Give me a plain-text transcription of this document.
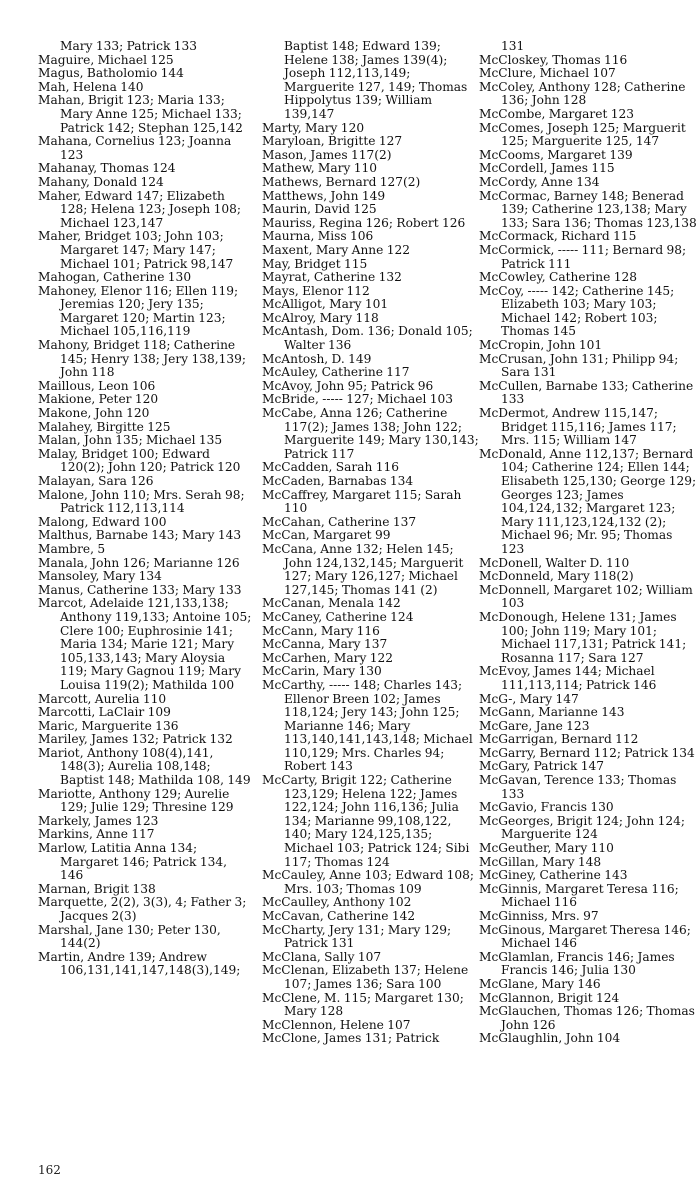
Mary 133; Patrick 133

Maguire, Michael 125

Magus, Batholomio 144

Mah, Helena 140

Mahan, Brigit 123; Maria 133; Mary Anne 125; Michael 133; Patrick 142; Stephan 125,142

Mahana, Cornelius 123; Joanna 123

Mahanay, Thomas 124

Mahany, Donald 124

Maher, Edward 147; Elizabeth 128; Helena 123; Joseph 108; Michael 123,147

Maher, Bridget 103; John 103; Margaret 147; Mary 147; Michael 101; Patrick 98,147

Mahogan, Catherine 130

Mahoney, Elenor 116; Ellen 119; Jeremias 120; Jery 135; Margaret 120; Martin 123; Michael 105,116,119

Mahony, Bridget 118; Catherine 145; Henry 138; Jery 138,139; John 118

Maillous, Leon 106

Makione, Peter 120

Makone, John 120

Malahey, Birgitte 125

Malan, John 135; Michael 135

Malay, Bridget 100; Edward 120(2); John 120; Patrick 120

Malayan, Sara 126

Malone, John 110; Mrs. Serah 98; Patrick 112,113,114

Malong, Edward 100

Malthus, Barnabe 143; Mary 143

Mambre, 5

Manala, John 126; Marianne 126

Mansoley, Mary 134

Manus, Catherine 133; Mary 133

Marcot, Adelaide 121,133,138; Anthony 119,133; Antoine 105; Clere 100; Euphrosinie 141; Maria 134; Marie 121; Mary 105,133,143; Mary Aloysia 119; Mary Gagnou 119; Mary Louisa 119(2); Mathilda 100

Marcott, Aurelia 110

Marcotti, LaClair 109

Maric, Marguerite 136

Mariley, James 132; Patrick 132

Mariot, Anthony 108(4),141, 148(3); Aurelia 108,148; Baptist 148; Mathilda 108, 149

Mariotte, Anthony 129; Aurelie 129; Julie 129; Thresine 129

Markely, James 123

Markins, Anne 117

Marlow, Latitia Anna 134; Margaret 146; Patrick 134, 146

Marnan, Brigit 138

Marquette, 2(2), 3(3), 4; Father 3; Jacques 2(3)

Marshal, Jane 130; Peter 130, 144(2)

Martin, Andre 139; Andrew 106,131,141,147,148(3),149;

Baptist 148; Edward 139; Helene 138; James 139(4); Joseph 112,113,149; Marguerite 127, 149; Thomas Hippolytus 139; William 139,147

Marty, Mary 120

Maryloan, Brigitte 127

Mason, James 117(2)

Mathew, Mary 110

Mathews, Bernard 127(2)

Matthews, John 149

Maurin, David 125

Mauriss, Regina 126; Robert 126

Maurna, Miss 106

Maxent, Mary Anne 122

May, Bridget 115

Mayrat, Catherine 132

Mays, Elenor 112

McAlligot, Mary 101

McAlroy, Mary 118

McAntash, Dom. 136; Donald 105; Walter 136

McAntosh, D. 149

McAuley, Catherine 117

McAvoy, John 95; Patrick 96

McBride, ----- 127; Michael 103

McCabe, Anna 126; Catherine 117(2); James 138; John 122; Marguerite 149; Mary 130,143; Patrick 117

McCadden, Sarah 116

McCaden, Barnabas 134

McCaffrey, Margaret 115; Sarah 110

McCahan, Catherine 137

McCan, Margaret 99

McCana, Anne 132; Helen 145; John 124,132,145; Marguerit 127; Mary 126,127; Michael 127,145; Thomas 141 (2)

McCanan, Menala 142

McCaney, Catherine 124

McCann, Mary 116

McCanna, Mary 137

McCarhen, Mary 122

McCarin, Mary 130

McCarthy, ----- 148; Charles 143; Ellenor Breen 102; James 118,124; Jery 143; John 125; Marianne 146; Mary 113,140,141,143,148; Michael 110,129; Mrs. Charles 94; Robert 143

McCarty, Brigit 122; Catherine 123,129; Helena 122; James 122,124; John 116,136; Julia 134; Marianne 99,108,122, 140; Mary 124,125,135; Michael 103; Patrick 124; Sibi 117; Thomas 124

McCauley, Anne 103; Edward 108; Mrs. 103; Thomas 109

McCaulley, Anthony 102

McCavan, Catherine 142

McCharty, Jery 131; Mary 129; Patrick 131

McClana, Sally 107

McClenan, Elizabeth 137; Helene 107; James 136; Sara 100

McClene, M. 115; Margaret 130; Mary 128

McClennon, Helene 107

McClone, James 131; Patrick

131

McCloskey, Thomas 116

McClure, Michael 107

McColey, Anthony 128; Catherine 136; John 128

McCombe, Margaret 123

McComes, Joseph 125; Marguerit 125; Marguerite 125, 147

McCooms, Margaret 139

McCordell, James 115

McCordy, Anne 134

McCormac, Barney 148; Benerad 139; Catherine 123,138; Mary 133; Sara 136; Thomas 123,138

McCormack, Richard 115

McCormick, ----- 111; Bernard 98; Patrick 111

McCowley, Catherine 128

McCoy, ----- 142; Catherine 145; Elizabeth 103; Mary 103; Michael 142; Robert 103; Thomas 145

McCropin, John 101

McCrusan, John 131; Philipp 94; Sara 131

McCullen, Barnabe 133; Catherine 133

McDermot, Andrew 115,147; Bridget 115,116; James 117; Mrs. 115; William 147

McDonald, Anne 112,137; Bernard 104; Catherine 124; Ellen 144; Elisabeth 125,130; George 129; Georges 123; James 104,124,132; Margaret 123; Mary 111,123,124,132 (2); Michael 96; Mr. 95; Thomas 123

McDonell, Walter D. 110

McDonneld, Mary 118(2)

McDonnell, Margaret 102; William 103

McDonough, Helene 131; James 100; John 119; Mary 101; Michael 117,131; Patrick 141; Rosanna 117; Sara 127

McEvoy, James 144; Michael 111,113,114; Patrick 146

McG-, Mary 147

McGann, Marianne 143

McGare, Jane 123

McGarrigan, Bernard 112

McGarry, Bernard 112; Patrick 134

McGary, Patrick 147

McGavan, Terence 133; Thomas 133

McGavio, Francis 130

McGeorges, Brigit 124; John 124; Marguerite 124

McGeuther, Mary 110

McGillan, Mary 148

McGiney, Catherine 143

McGinnis, Margaret Teresa 116; Michael 116

McGinniss, Mrs. 97

McGinous, Margaret Theresa 146; Michael 146

McGlamlan, Francis 146; James Francis 146; Julia 130

McGlane, Mary 146

McGlannon, Brigit 124

McGlauchen, Thomas 126; Thomas John 126

McGlaughlin, John 104

162
